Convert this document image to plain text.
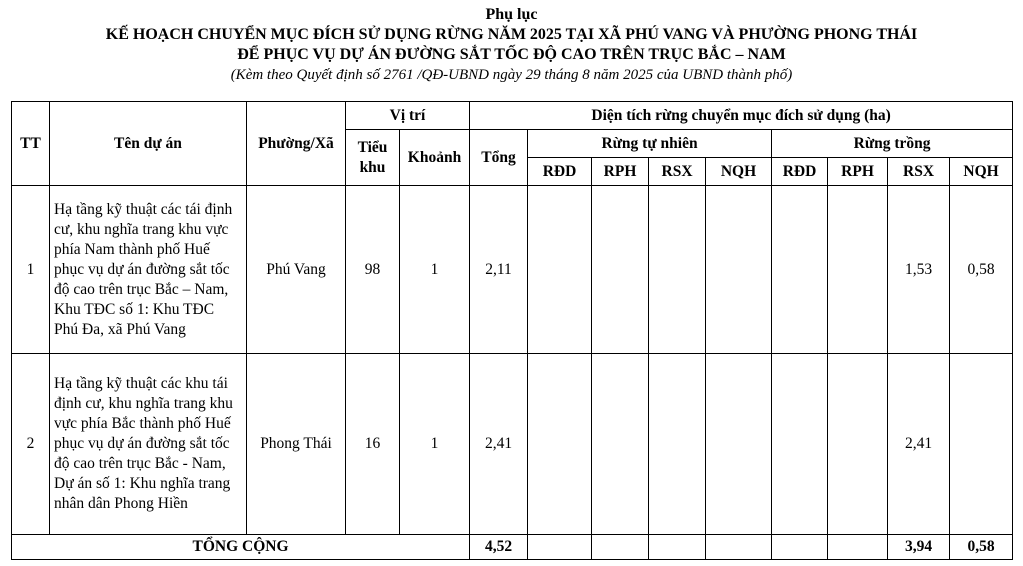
Phụ lục
KẾ HOẠCH CHUYỂN MỤC ĐÍCH SỬ DỤNG RỪNG NĂM 2025 TẠI XÃ PHÚ VANG VÀ PHƯỜNG PHONG THÁI
ĐỂ PHỤC VỤ DỰ ÁN ĐƯỜNG SẮT TỐC ĐỘ CAO TRÊN TRỤC BẮC – NAM
(Kèm theo Quyết định số 2761 /QĐ-UBND ngày 29 tháng 8 năm 2025 của UBND thành phố)
TT	Tên dự án	Phường/Xã	Vị trí		Diện tích rừng chuyển mục đích sử dụng (ha)								
			Tiểu khu	Khoảnh	Tổng	Rừng tự nhiên				Rừng trồng			
						RĐD	RPH	RSX	NQH	RĐD	RPH	RSX	NQH
1	Hạ tầng kỹ thuật các tái định cư, khu nghĩa trang khu vực phía Nam thành phố Huế phục vụ dự án đường sắt tốc độ cao trên trục Bắc – Nam, Khu TĐC số 1: Khu TĐC Phú Đa, xã Phú Vang	Phú Vang	98	1	2,11							1,53	0,58
2	Hạ tầng kỹ thuật các khu tái định cư, khu nghĩa trang khu vực phía Bắc thành phố Huế phục vụ dự án đường sắt tốc độ cao trên trục Bắc - Nam, Dự án số 1: Khu nghĩa trang nhân dân Phong Hiền	Phong Thái	16	1	2,41							2,41	
TỔNG CỘNG					4,52							3,94	0,58
